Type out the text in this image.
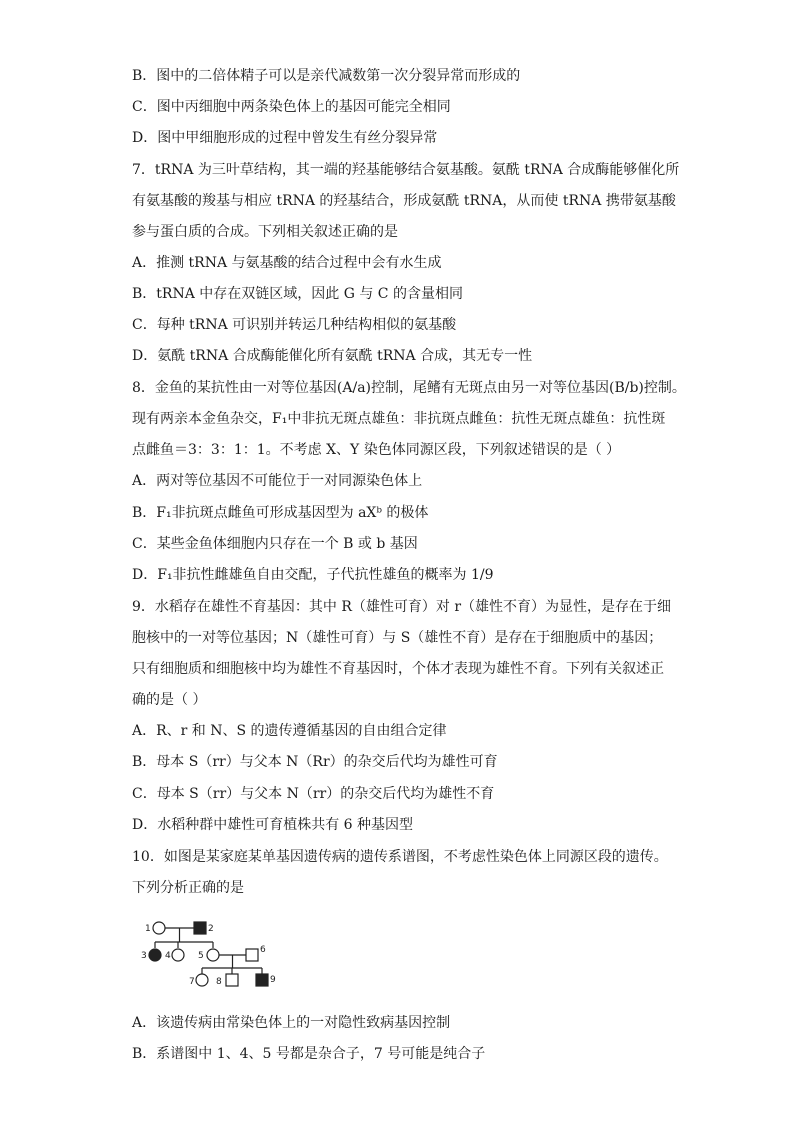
B．图中的二倍体精子可以是亲代减数第一次分裂异常而形成的
C．图中丙细胞中两条染色体上的基因可能完全相同
D．图中甲细胞形成的过程中曾发生有丝分裂异常
7．tRNA 为三叶草结构，其一端的羟基能够结合氨基酸。氨酰 tRNA 合成酶能够催化所
有氨基酸的羧基与相应 tRNA 的羟基结合，形成氨酰 tRNA，从而使 tRNA 携带氨基酸
参与蛋白质的合成。下列相关叙述正确的是
A．推测 tRNA 与氨基酸的结合过程中会有水生成
B．tRNA 中存在双链区域，因此 G 与 C 的含量相同
C．每种 tRNA 可识别并转运几种结构相似的氨基酸
D．氨酰 tRNA 合成酶能催化所有氨酰 tRNA 合成，其无专一性
8．金鱼的某抗性由一对等位基因(A/a)控制，尾鳍有无斑点由另一对等位基因(B/b)控制。
现有两亲本金鱼杂交，F₁中非抗无斑点雄鱼：非抗斑点雌鱼：抗性无斑点雄鱼：抗性斑
点雌鱼＝3：3：1：1。不考虑 X、Y 染色体同源区段，下列叙述错误的是（ ）
A．两对等位基因不可能位于一对同源染色体上
B．F₁非抗斑点雌鱼可形成基因型为 aXᵇ 的极体
C．某些金鱼体细胞内只存在一个 B 或 b 基因
D．F₁非抗性雌雄鱼自由交配，子代抗性雄鱼的概率为 1/9
9．水稻存在雄性不育基因：其中 R（雄性可育）对 r（雄性不育）为显性，是存在于细
胞核中的一对等位基因；N（雄性可育）与 S（雄性不育）是存在于细胞质中的基因；
只有细胞质和细胞核中均为雄性不育基因时，个体才表现为雄性不育。下列有关叙述正
确的是（ ）
A．R、r 和 N、S 的遗传遵循基因的自由组合定律
B．母本 S（rr）与父本 N（Rr）的杂交后代均为雄性可育
C．母本 S（rr）与父本 N（rr）的杂交后代均为雄性不育
D．水稻种群中雄性可育植株共有 6 种基因型
10．如图是某家庭某单基因遗传病的遗传系谱图，不考虑性染色体上同源区段的遗传。
下列分析正确的是
1	2
3 4	5
6
7 8	9
A．该遗传病由常染色体上的一对隐性致病基因控制
B．系谱图中 1、4、5 号都是杂合子，7 号可能是纯合子
